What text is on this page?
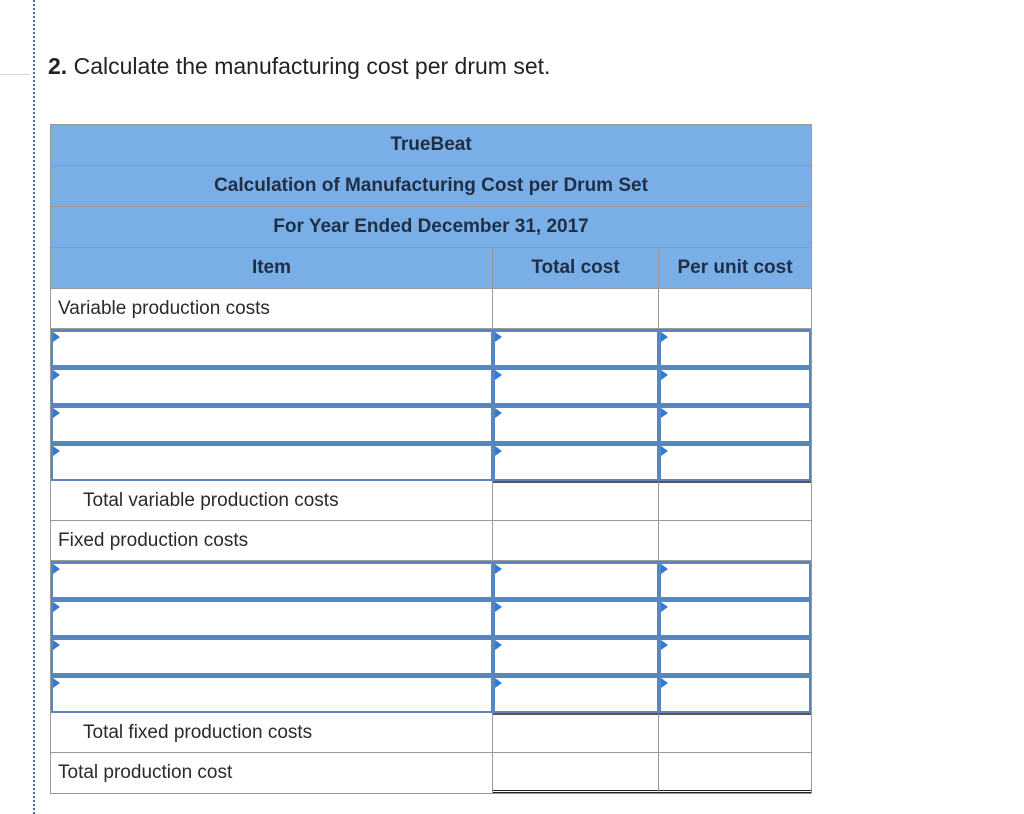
2. Calculate the manufacturing cost per drum set.
TrueBeat
Calculation of Manufacturing Cost per Drum Set
For Year Ended December 31, 2017
Item	Total cost	Per unit cost
Variable production costs
Total variable production costs
Fixed production costs
Total fixed production costs
Total production cost
